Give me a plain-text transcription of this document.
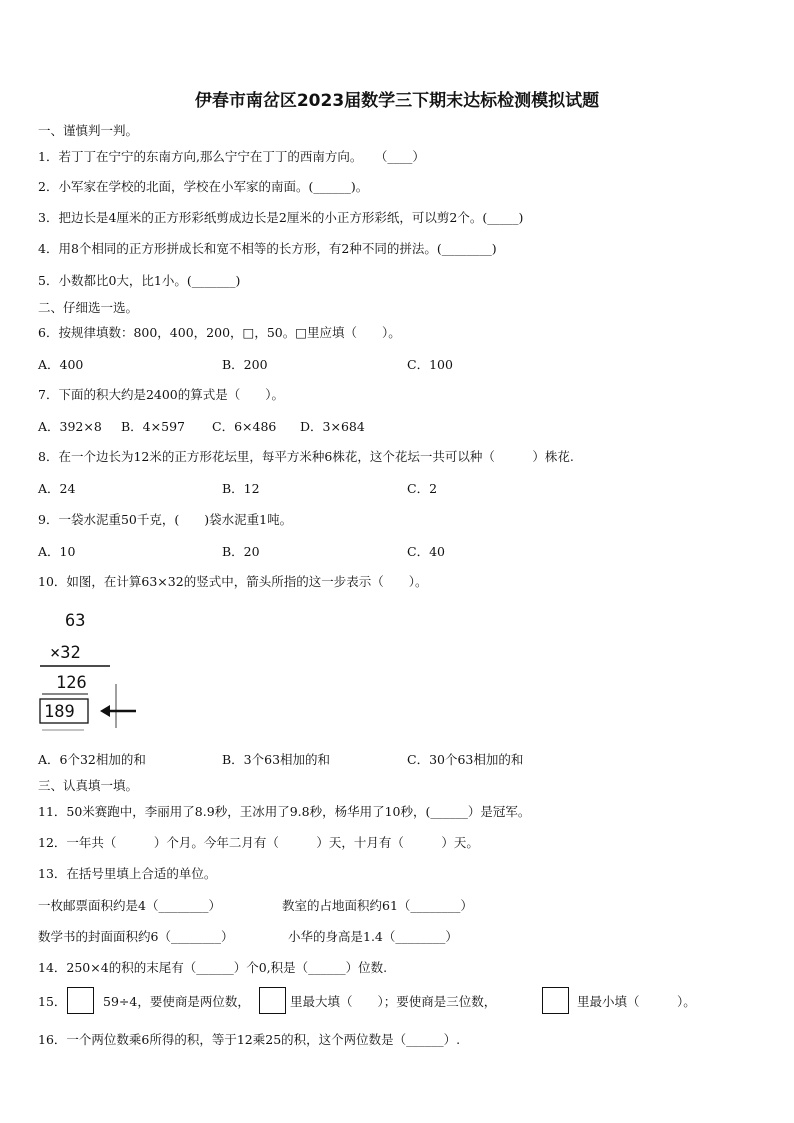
伊春市南岔区2023届数学三下期末达标检测模拟试题
一、谨慎判一判。
1．若丁丁在宁宁的东南方向,那么宁宁在丁丁的西南方向。　　（____）
2．小军家在学校的北面，学校在小军家的南面。(______)。
3．把边长是4厘米的正方形彩纸剪成边长是2厘米的小正方形彩纸，可以剪2个。(_____)
4．用8个相同的正方形拼成长和宽不相等的长方形，有2种不同的拼法。(________)
5．小数都比0大，比1小。(_______)
二、仔细选一选。
6．按规律填数：800，400，200，□，50。□里应填（　　）。
A．400	B．200	C．100
7．下面的积大约是2400的算式是（　　）。
A．392×8 B．4×597 C．6×486 D．3×684
8．在一个边长为12米的正方形花坛里，每平方米种6株花，这个花坛一共可以种（　　　）株花.
A．24	B．12	C．2
9．一袋水泥重50千克，(　　)袋水泥重1吨。
A．10	B．20	C．40
10．如图，在计算63×32的竖式中，箭头所指的这一步表示（　　）。
63
×32
126
189
A．6个32相加的和	B．3个63相加的和	C．30个63相加的和
三、认真填一填。
11．50米赛跑中，李丽用了8.9秒，王冰用了9.8秒，杨华用了10秒，(______）是冠军。
12．一年共（　　　）个月。今年二月有（　　　）天，十月有（　　　）天。
13．在括号里填上合适的单位。
一枚邮票面积约是4（________）	教室的占地面积约61（________）
数学书的封面面积约6（________）	小华的身高是1.4（________）
14．250×4的积的末尾有（______）个0,积是（______）位数.
15．	59÷4，要使商是两位数，	里最大填（　　）；要使商是三位数，	里最小填（　　　）。
16．一个两位数乘6所得的积，等于12乘25的积，这个两位数是（______）.
